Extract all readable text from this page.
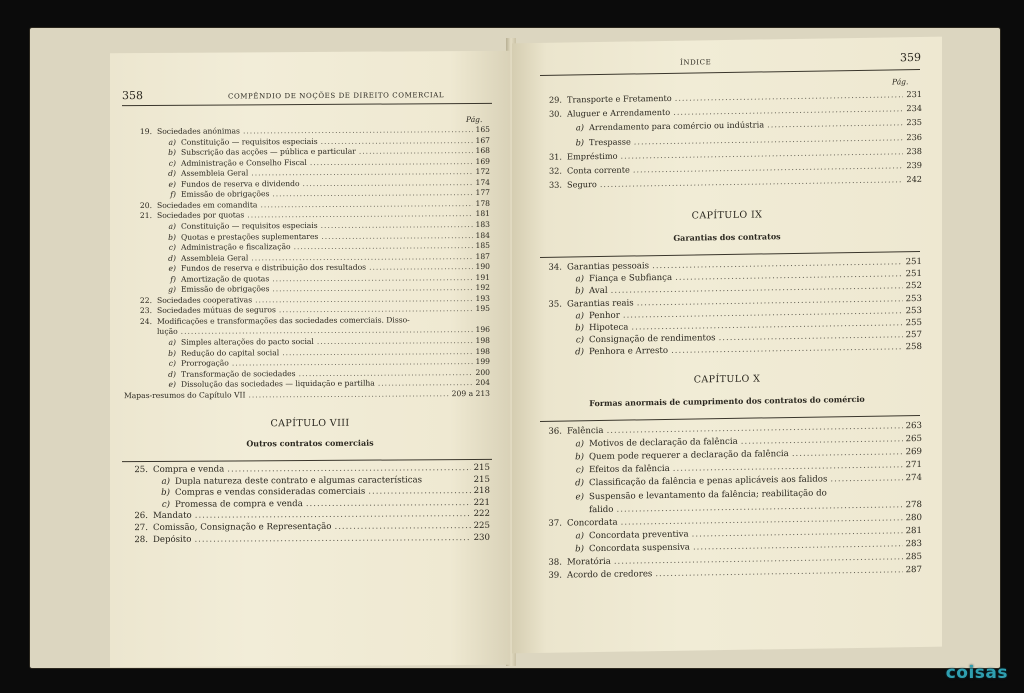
358	COMPÊNDIO DE NOÇÕES DE DIREITO COMERCIAL
Pág.
19. Sociedades anónimas .....	165
a) Constituição — requisitos especiais .....	167
b) Subscrição das acções — pública e particular .....	168
c) Administração e Conselho Fiscal .....	169
d) Assembleia Geral .....	172
e) Fundos de reserva e dividendo .....	174
f) Emissão de obrigações .....	177
20. Sociedades em comandita .....	178
21. Sociedades por quotas .....	181
a) Constituição — requisitos especiais .....	183
b) Quotas e prestações suplementares .....	184
c) Administração e fiscalização .....	185
d) Assembleia Geral .....	187
e) Fundos de reserva e distribuição dos resultados .....	190
f) Amortização de quotas .....	191
g) Emissão de obrigações .....	192
22. Sociedades cooperativas .....	193
23. Sociedades mútuas de seguros .....	195
24. Modificações e transformações das sociedades comerciais. Disso-
lução .....	196
a) Simples alterações do pacto social .....	198
b) Redução do capital social .....	198
c) Prorrogação .....	199
d) Transformação de sociedades .....	200
e) Dissolução das sociedades — liquidação e partilha .....	204
Mapas-resumos do Capítulo VII .....	209 a 213
CAPÍTULO VIII
Outros contratos comerciais
25. Compra e venda .....	215
a) Dupla natureza deste contrato e algumas características	215
b) Compras e vendas consideradas comerciais .....	218
c) Promessa de compra e venda .....	221
26. Mandato .....	222
27. Comissão, Consignação e Representação .....	225
28. Depósito .....	230
ÍNDICE	359
Pág.
29. Transporte e Fretamento .....	231
30. Aluguer e Arrendamento .....	234
a) Arrendamento para comércio ou indústria .....	235
b) Trespasse .....	236
31. Empréstimo .....	238
32. Conta corrente .....	239
33. Seguro .....	242
CAPÍTULO IX
Garantias dos contratos
34. Garantias pessoais .....	251
a) Fiança e Subfiança .....	251
b) Aval .....	252
35. Garantias reais .....	253
a) Penhor .....	253
b) Hipoteca .....	255
c) Consignação de rendimentos .....	257
d) Penhora e Arresto .....	258
CAPÍTULO X
Formas anormais de cumprimento dos contratos do comércio
36. Falência .....	263
a) Motivos de declaração da falência .....	265
b) Quem pode requerer a declaração da falência .....	269
c) Efeitos da falência .....	271
d) Classificação da falência e penas aplicáveis aos falidos .....	274
e) Suspensão e levantamento da falência; reabilitação do
falido .....	278
37. Concordata .....	280
a) Concordata preventiva .....	281
b) Concordata suspensiva .....	283
38. Moratória .....	285
39. Acordo de credores .....	287
coisas
